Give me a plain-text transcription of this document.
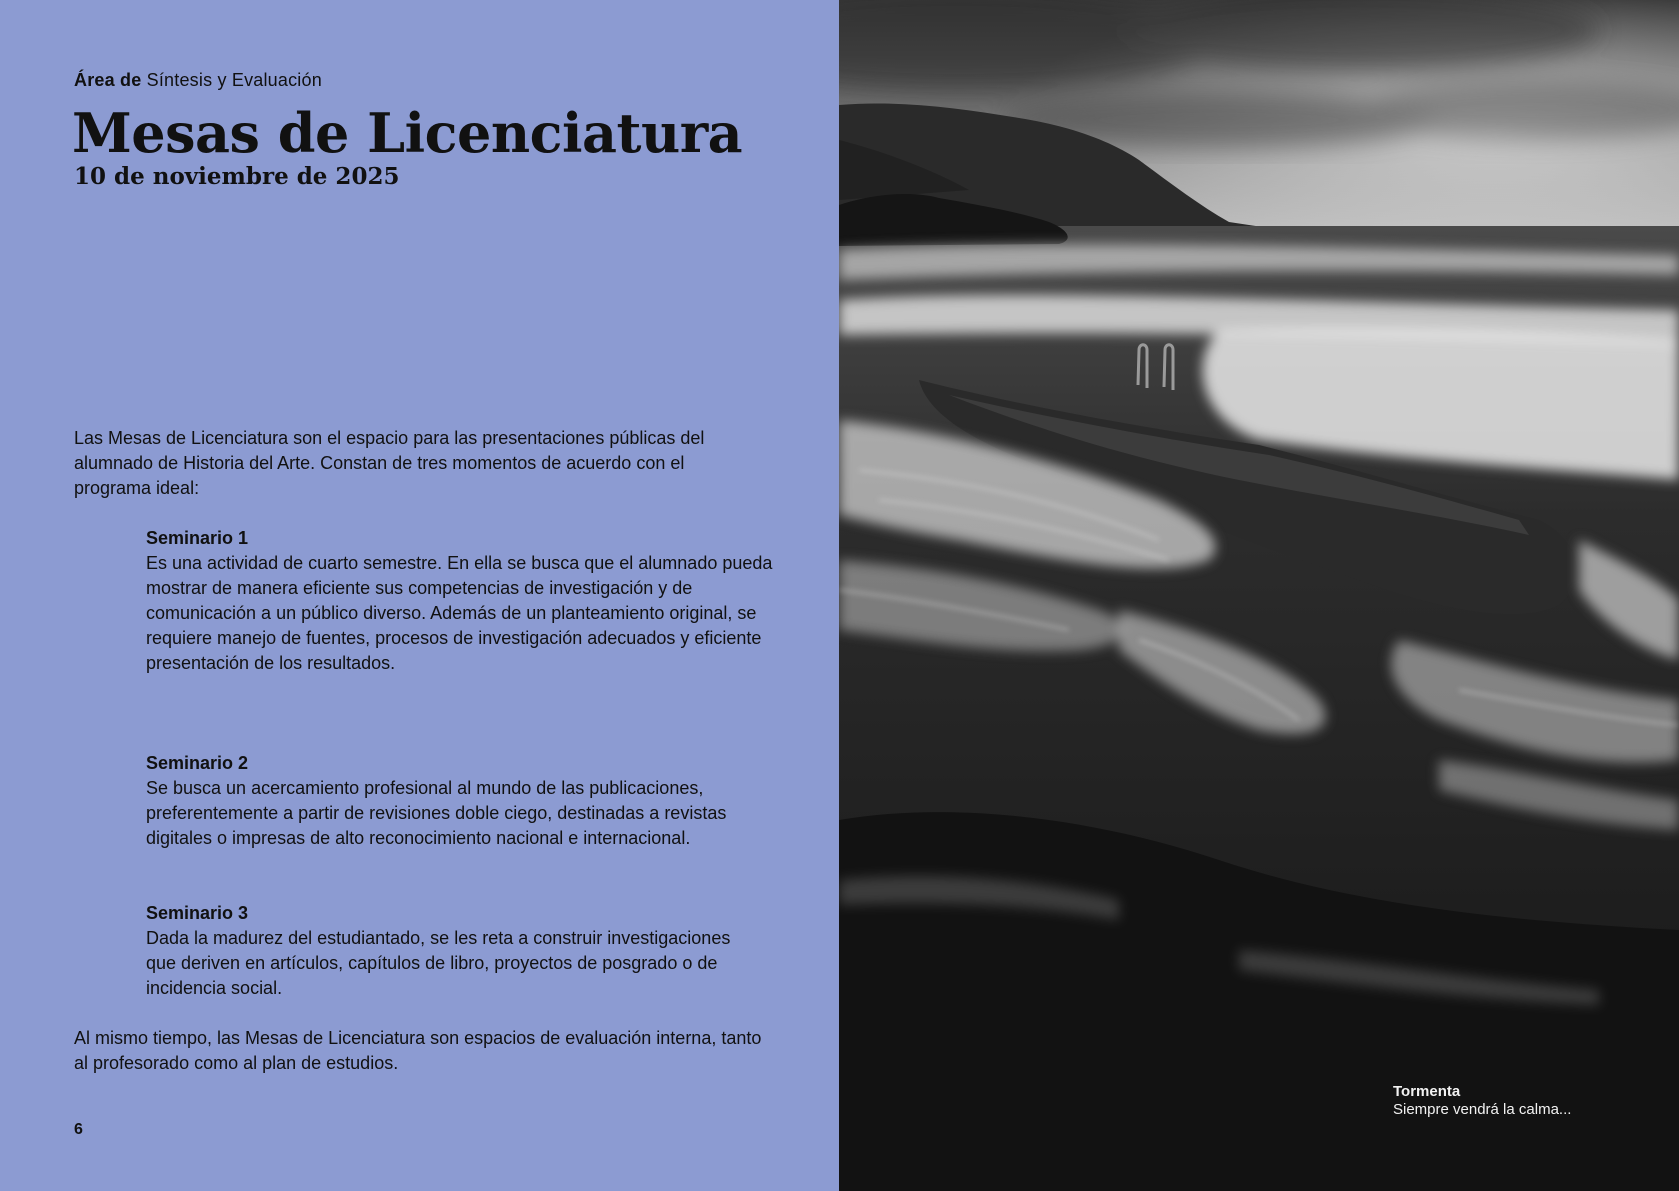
Área de Síntesis y Evaluación
Mesas de Licenciatura
10 de noviembre de 2025

Las Mesas de Licenciatura son el espacio para las presentaciones públicas del alumnado de Historia del Arte. Constan de tres momentos de acuerdo con el programa ideal:

Seminario 1
Es una actividad de cuarto semestre. En ella se busca que el alumnado pueda mostrar de manera eficiente sus competencias de investigación y de comunicación a un público diverso. Además de un planteamiento original, se requiere manejo de fuentes, procesos de investigación adecuados y eficiente presentación de los resultados.
Seminario 2
Se busca un acercamiento profesional al mundo de las publicaciones, preferentemente a partir de revisiones doble ciego, destinadas a revistas digitales o impresas de alto reconocimiento nacional e internacional.
Seminario 3
Dada la madurez del estudiantado, se les reta a construir investigaciones que deriven en artículos, capítulos de libro, proyectos de posgrado o de incidencia social.

Al mismo tiempo, las Mesas de Licenciatura son espacios de evaluación interna, tanto al profesorado como al plan de estudios.

6
Tormenta
Siempre vendrá la calma...
